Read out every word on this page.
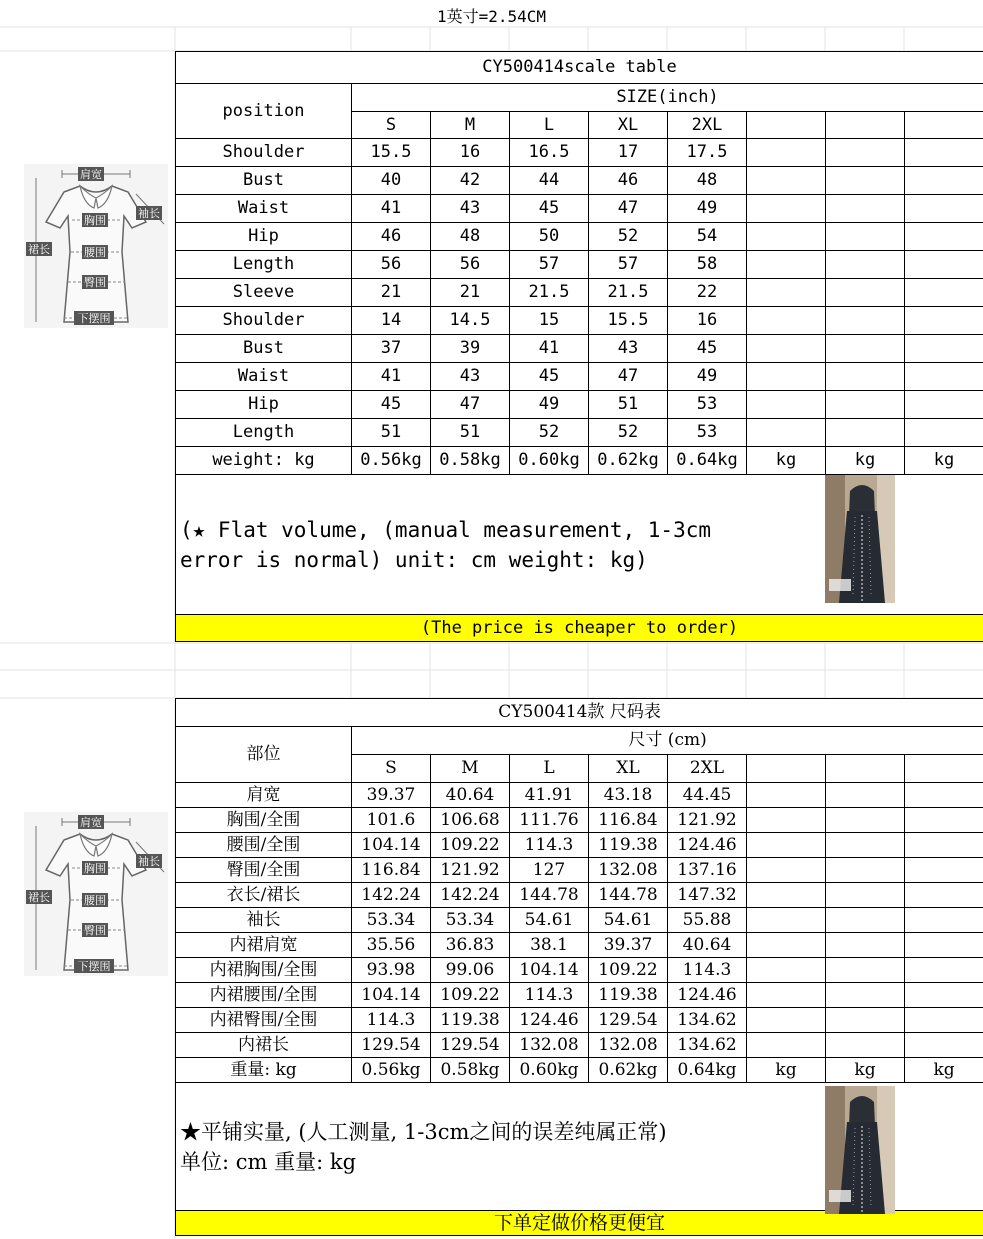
1英寸=2.54CM
CY500414scale table								
position	SIZE(inch)							
	S	M	L	XL	2XL			
Shoulder	15.5	16	16.5	17	17.5			
Bust	40	42	44	46	48			
Waist	41	43	45	47	49			
Hip	46	48	50	52	54			
Length	56	56	57	57	58			
Sleeve	21	21	21.5	21.5	22			
Shoulder	14	14.5	15	15.5	16			
Bust	37	39	41	43	45			
Waist	41	43	45	47	49			
Hip	45	47	49	51	53			
Length	51	51	52	52	53			
weight: kg	0.56kg	0.58kg	0.60kg	0.62kg	0.64kg	kg	kg	kg

(★ Flat volume, (manual measurement, 1-3cm error is normal) unit: cm weight: kg)								

(The price is cheaper to order)								
CY500414款 尺码表								
部位	尺寸 (cm)							
	S	M	L	XL	2XL			
肩宽	39.37	40.64	41.91	43.18	44.45			
胸围/全围	101.6	106.68	111.76	116.84	121.92			
腰围/全围	104.14	109.22	114.3	119.38	124.46			
臀围/全围	116.84	121.92	127	132.08	137.16			
衣长/裙长	142.24	142.24	144.78	144.78	147.32			
袖长	53.34	53.34	54.61	54.61	55.88			
内裙肩宽	35.56	36.83	38.1	39.37	40.64			
内裙胸围/全围	93.98	99.06	104.14	109.22	114.3			
内裙腰围/全围	104.14	109.22	114.3	119.38	124.46			
内裙臀围/全围	114.3	119.38	124.46	129.54	134.62			
内裙长	129.54	129.54	132.08	132.08	134.62			
重量: kg	0.56kg	0.58kg	0.60kg	0.62kg	0.64kg	kg	kg	kg

★平铺实量, (人工测量, 1-3cm之间的误差纯属正常)
单位: cm 重量: kg								

下单定做价格更便宜								
肩宽
胸围
袖长
裙长	腰围
臀围
下摆围
肩宽
胸围
袖长
裙长	腰围
臀围
下摆围
